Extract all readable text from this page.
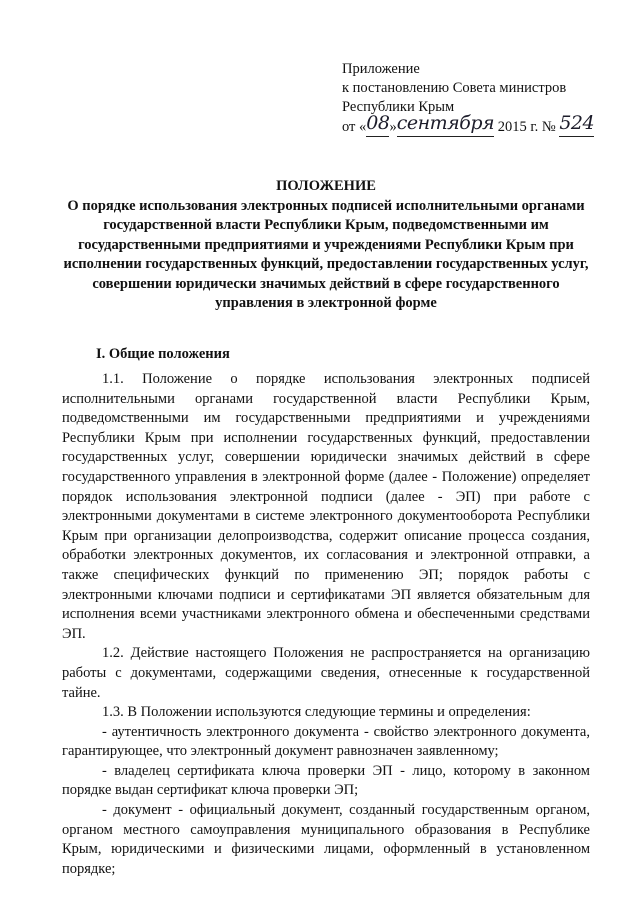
Приложение
к постановлению Совета министров
Республики Крым
от «08»сентября 2015 г. № 524
ПОЛОЖЕНИЕ
О порядке использования электронных подписей исполнительными органами государственной власти Республики Крым, подведомственными им государственными предприятиями и учреждениями Республики Крым при исполнении государственных функций, предоставлении государственных услуг, совершении юридически значимых действий в сфере государственного управления в электронной форме
I. Общие положения

1.1. Положение о порядке использования электронных подписей исполнительными органами государственной власти Республики Крым, подведомственными им государственными предприятиями и учреждениями Республики Крым при исполнении государственных функций, предоставлении государственных услуг, совершении юридически значимых действий в сфере государственного управления в электронной форме (далее - Положение) определяет порядок использования электронной подписи (далее - ЭП) при работе с электронными документами в системе электронного документооборота Республики Крым при организации делопроизводства, содержит описание процесса создания, обработки электронных документов, их согласования и электронной отправки, а также специфических функций по применению ЭП; порядок работы с электронными ключами подписи и сертификатами ЭП является обязательным для исполнения всеми участниками электронного обмена и обеспеченными средствами ЭП.

1.2. Действие настоящего Положения не распространяется на организацию работы с документами, содержащими сведения, отнесенные к государственной тайне.

1.3. В Положении используются следующие термины и определения:

- аутентичность электронного документа - свойство электронного документа, гарантирующее, что электронный документ равнозначен заявленному;

- владелец сертификата ключа проверки ЭП - лицо, которому в законном порядке выдан сертификат ключа проверки ЭП;

- документ - официальный документ, созданный государственным органом, органом местного самоуправления муниципального образования в Республике Крым, юридическими и физическими лицами, оформленный в установленном порядке;
